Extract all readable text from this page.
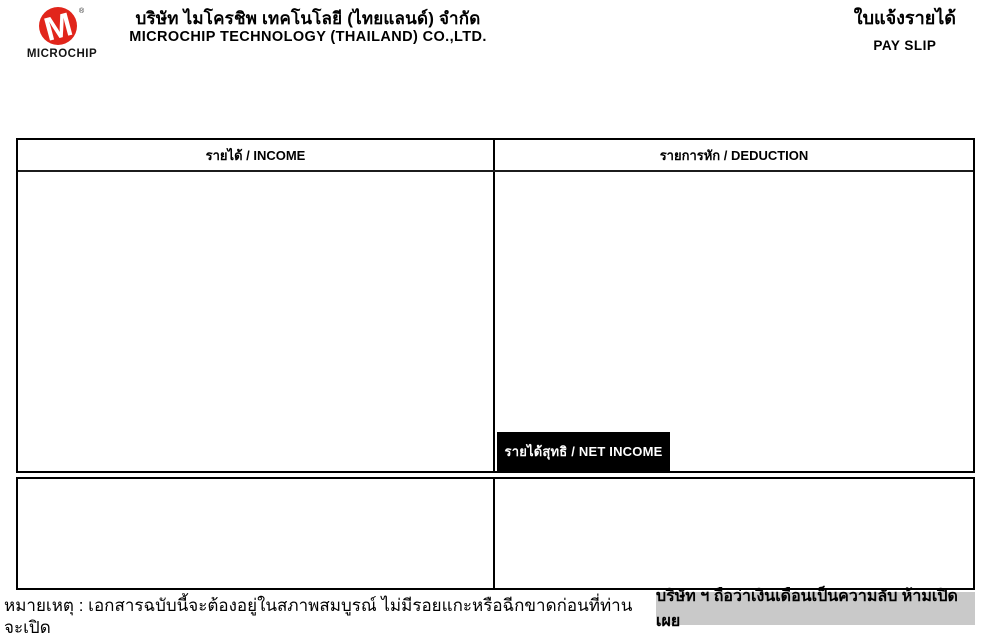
M ®
MICROCHIP
บริษัท ไมโครชิพ เทคโนโลยี (ไทยแลนด์) จำกัด
MICROCHIP TECHNOLOGY (THAILAND) CO.,LTD.
ใบแจ้งรายได้
PAY SLIP
รายได้ / INCOME	รายการหัก / DEDUCTION
รายได้สุทธิ / NET INCOME
หมายเหตุ : เอกสารฉบับนี้จะต้องอยู่ในสภาพสมบูรณ์ ไม่มีรอยแกะหรือฉีกขาดก่อนที่ท่านจะเปิด
บริษัท ฯ ถือว่าเงินเดือนเป็นความลับ ห้ามเปิดเผย
